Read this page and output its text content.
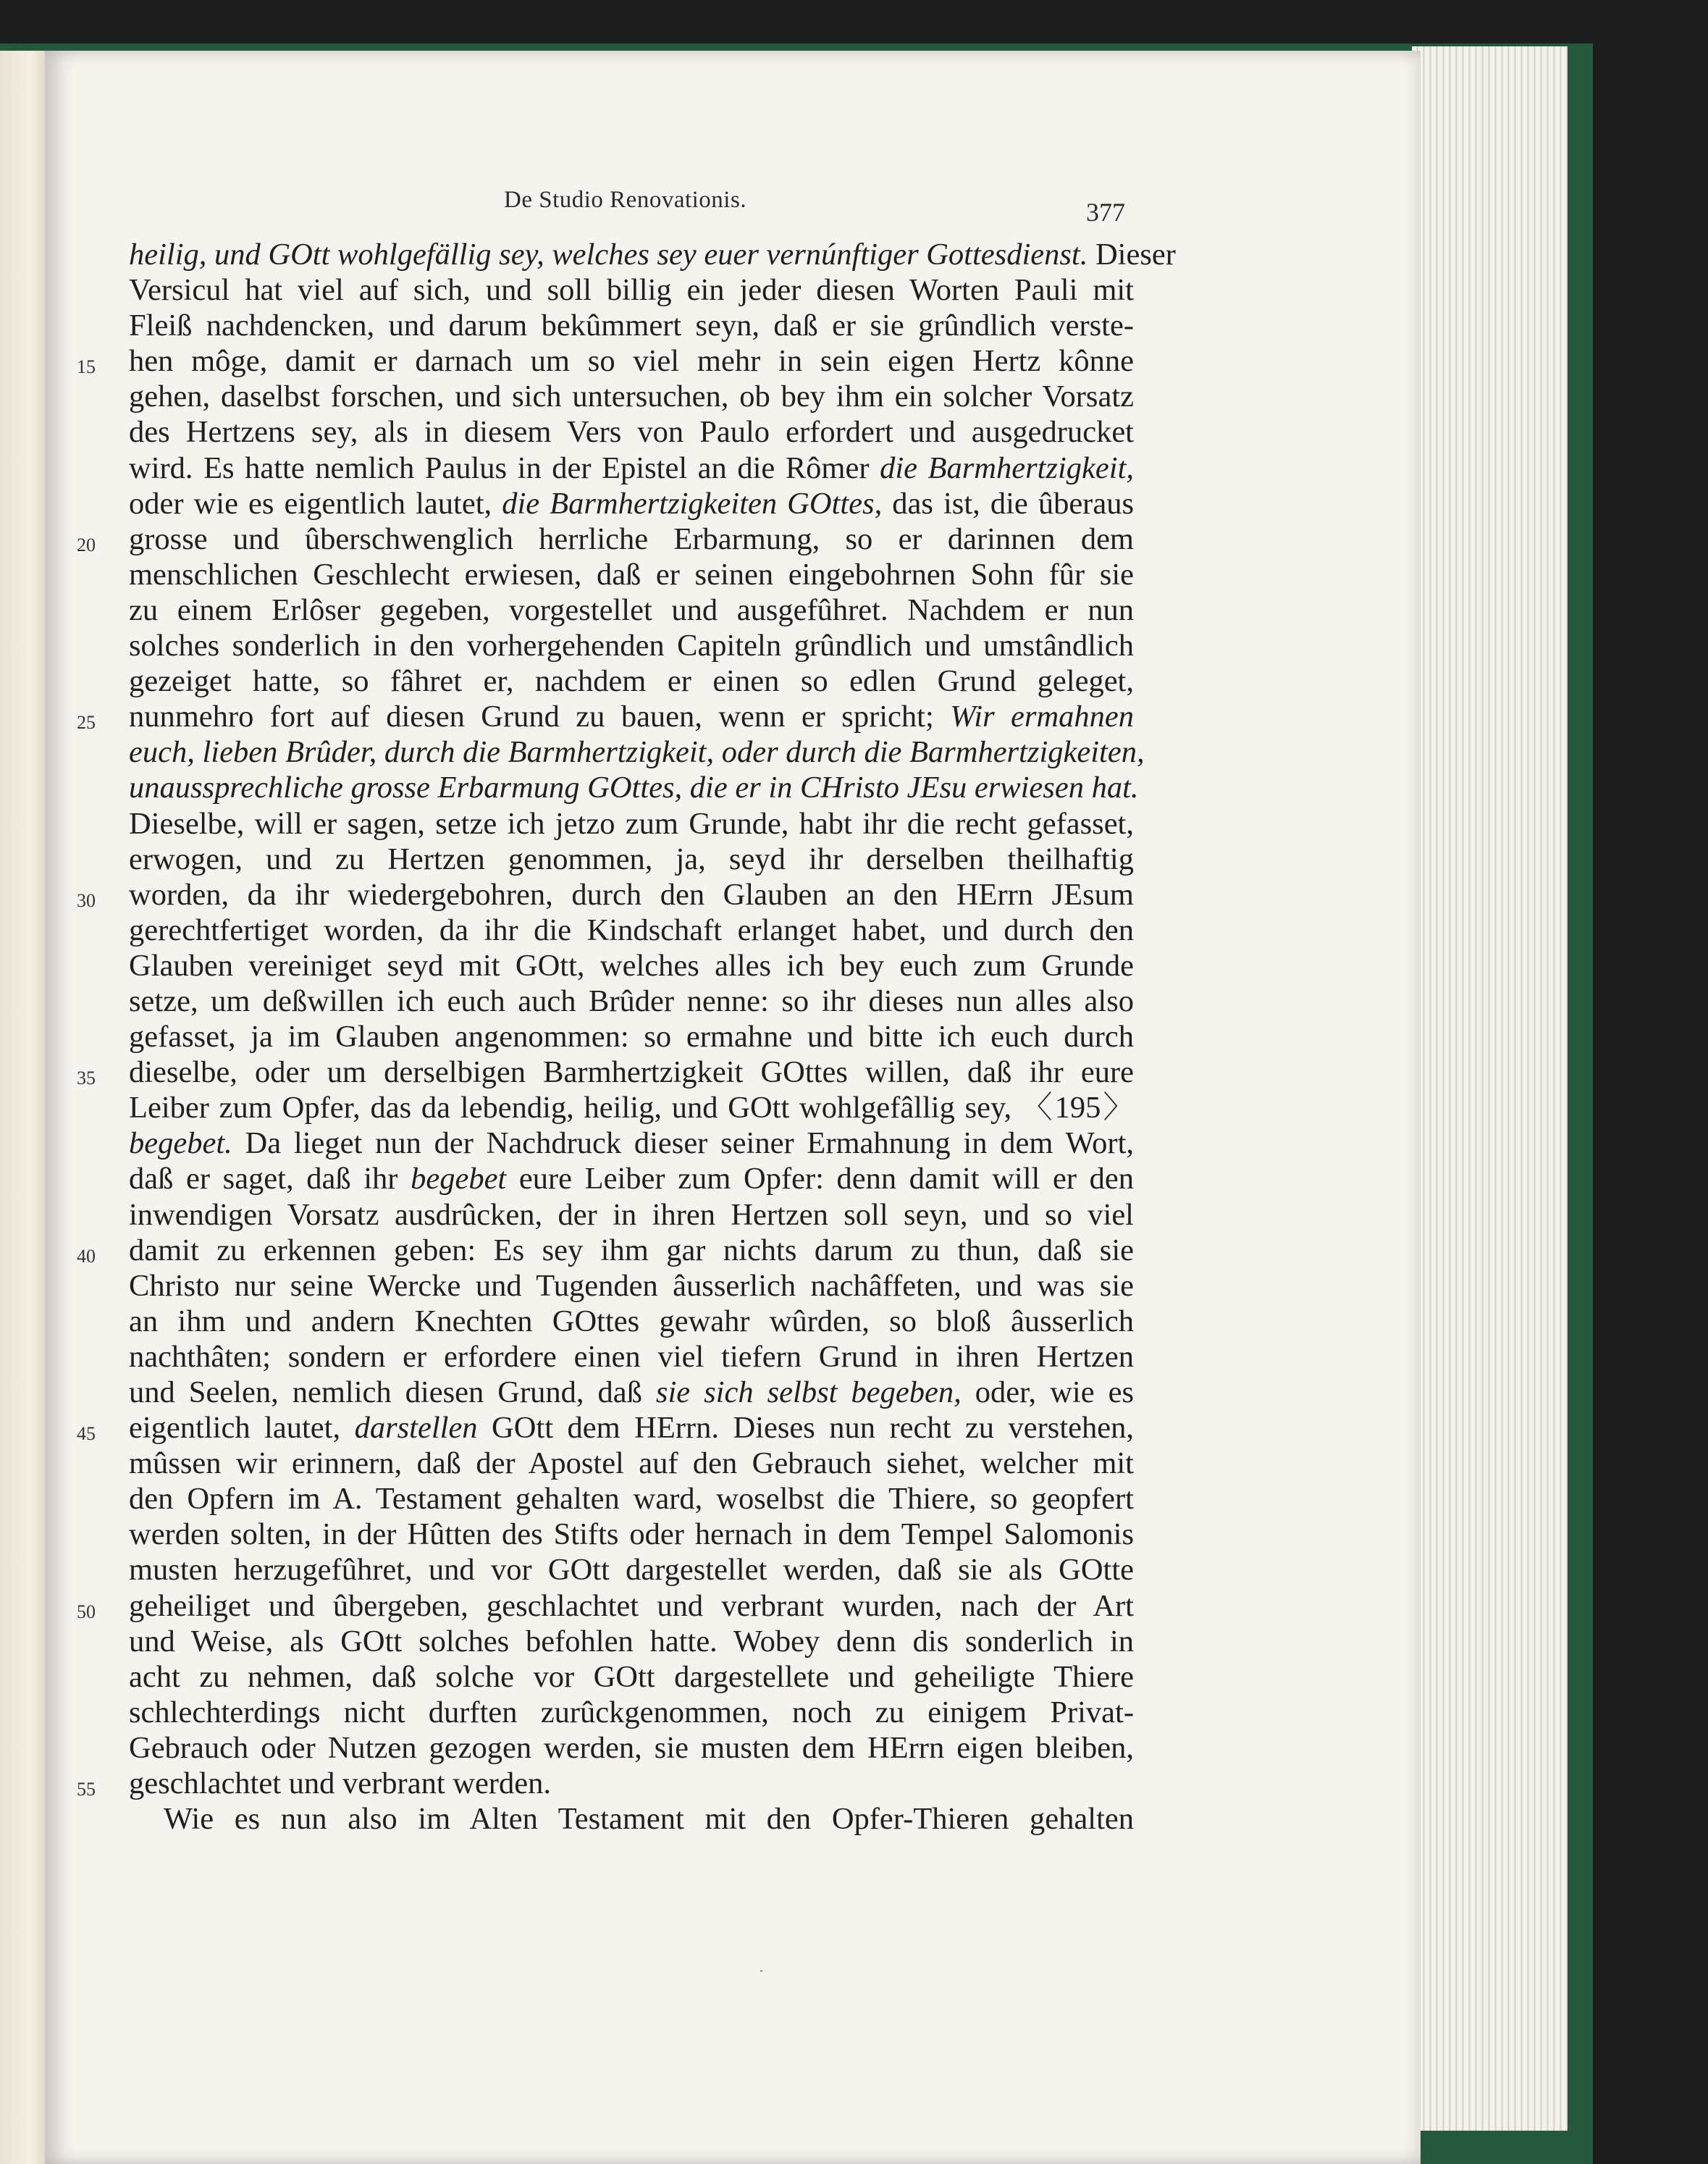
De Studio Renovationis.	377
heilig, und GOtt wohlgefällig sey, welches sey euer vernúnftiger Gottesdienst. Dieser
Versicul hat viel auf sich, und soll billig ein jeder diesen Worten Pauli mit
Fleiß nachdencken, und darum bekûmmert seyn, daß er sie grûndlich verste-
15 hen môge, damit er darnach um so viel mehr in sein eigen Hertz kônne
gehen, daselbst forschen, und sich untersuchen, ob bey ihm ein solcher Vorsatz
des Hertzens sey, als in diesem Vers von Paulo erfordert und ausgedrucket
wird. Es hatte nemlich Paulus in der Epistel an die Rômer die Barmhertzigkeit,
oder wie es eigentlich lautet, die Barmhertzigkeiten GOttes, das ist, die ûberaus
20 grosse und ûberschwenglich herrliche Erbarmung, so er darinnen dem
menschlichen Geschlecht erwiesen, daß er seinen eingebohrnen Sohn fûr sie
zu einem Erlôser gegeben, vorgestellet und ausgefûhret. Nachdem er nun
solches sonderlich in den vorhergehenden Capiteln grûndlich und umstândlich
gezeiget hatte, so fâhret er, nachdem er einen so edlen Grund geleget,
25 nunmehro fort auf diesen Grund zu bauen, wenn er spricht; Wir ermahnen
euch, lieben Brûder, durch die Barmhertzigkeit, oder durch die Barmhertzigkeiten,
unaussprechliche grosse Erbarmung GOttes, die er in CHristo JEsu erwiesen hat.
Dieselbe, will er sagen, setze ich jetzo zum Grunde, habt ihr die recht gefasset,
erwogen, und zu Hertzen genommen, ja, seyd ihr derselben theilhaftig
30 worden, da ihr wiedergebohren, durch den Glauben an den HErrn JEsum
gerechtfertiget worden, da ihr die Kindschaft erlanget habet, und durch den
Glauben vereiniget seyd mit GOtt, welches alles ich bey euch zum Grunde
setze, um deßwillen ich euch auch Brûder nenne: so ihr dieses nun alles also
gefasset, ja im Glauben angenommen: so ermahne und bitte ich euch durch
35 dieselbe, oder um derselbigen Barmhertzigkeit GOttes willen, daß ihr eure
Leiber zum Opfer, das da lebendig, heilig, und GOtt wohlgefâllig sey, 〈195〉
begebet. Da lieget nun der Nachdruck dieser seiner Ermahnung in dem Wort,
daß er saget, daß ihr begebet eure Leiber zum Opfer: denn damit will er den
inwendigen Vorsatz ausdrûcken, der in ihren Hertzen soll seyn, und so viel
40 damit zu erkennen geben: Es sey ihm gar nichts darum zu thun, daß sie
Christo nur seine Wercke und Tugenden âusserlich nachâffeten, und was sie
an ihm und andern Knechten GOttes gewahr wûrden, so bloß âusserlich
nachthâten; sondern er erfordere einen viel tiefern Grund in ihren Hertzen
und Seelen, nemlich diesen Grund, daß sie sich selbst begeben, oder, wie es
45 eigentlich lautet, darstellen GOtt dem HErrn. Dieses nun recht zu verstehen,
mûssen wir erinnern, daß der Apostel auf den Gebrauch siehet, welcher mit
den Opfern im A. Testament gehalten ward, woselbst die Thiere, so geopfert
werden solten, in der Hûtten des Stifts oder hernach in dem Tempel Salomonis
musten herzugefûhret, und vor GOtt dargestellet werden, daß sie als GOtte
50 geheiliget und ûbergeben, geschlachtet und verbrant wurden, nach der Art
und Weise, als GOtt solches befohlen hatte. Wobey denn dis sonderlich in
acht zu nehmen, daß solche vor GOtt dargestellete und geheiligte Thiere
schlechterdings nicht durften zurûckgenommen, noch zu einigem Privat-
Gebrauch oder Nutzen gezogen werden, sie musten dem HErrn eigen bleiben,
55 geschlachtet und verbrant werden.
Wie es nun also im Alten Testament mit den Opfer-Thieren gehalten
